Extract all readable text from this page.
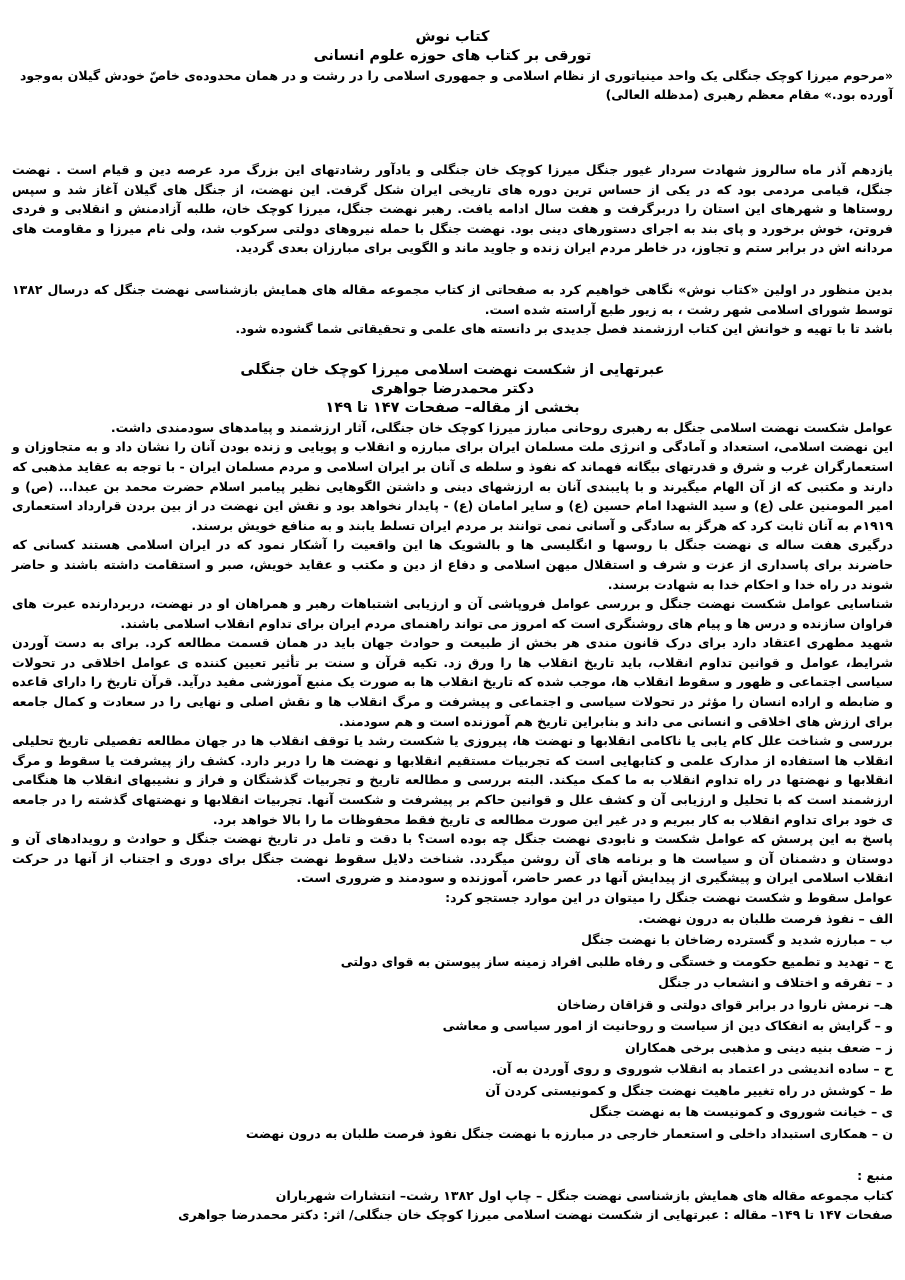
کتاب نوش

تورقی بر کتاب های حوزه علوم انسانی

«مرحوم میرزا کوچک جنگلی یک واحد مینیاتوری از نظام اسلامی و جمهوری اسلامی را در رشت و در همان محدوده‌ی خاصّ خودش گیلان به‌وجود آورده بود.» مقام معظم رهبری (مدظله العالی)

یازدهم آذر ماه سالروز شهادت سردار غیور جنگل میرزا کوچک خان جنگلی و یادآور رشادتهای این بزرگ مرد عرصه دین و قیام است . نهضت جنگل، قیامی مردمی بود که در یکی از حساس ترین دوره های تاریخی ایران شکل گرفت. این نهضت، از جنگل های گیلان آغاز شد و سپس روستاها و شهرهای این استان را دربرگرفت و هفت سال ادامه یافت. رهبر نهضت جنگل، میرزا کوچک خان، طلبه آزادمنش و انقلابی و فردی فروتن، خوش برخورد و پای بند به اجرای دستورهای دینی بود. نهضت جنگل با حمله نیروهای دولتی سرکوب شد، ولی نام میرزا و مقاومت های مردانه اش در برابر ستم و تجاوز، در خاطر مردم ایران زنده و جاوید ماند و الگویی برای مبارزان بعدی گردید.

بدین منظور در اولین «کتاب نوش» نگاهی خواهیم کرد به صفحاتی از کتاب مجموعه مقاله های همایش بازشناسی نهضت جنگل که درسال ۱۳۸۲ توسط شورای اسلامی شهر رشت ، به زیور طبع آراسته شده است.

باشد تا با تهیه و خوانش این کتاب ارزشمند فصل جدیدی بر دانسته های علمی و تحقیقاتی شما گشوده شود.

عبرتهایی از شکست نهضت اسلامی میرزا کوچک خان جنگلی

دکتر محمدرضا جواهری

بخشی از مقاله– صفحات ۱۴۷ تا ۱۴۹

عوامل شکست نهضت اسلامی جنگل به رهبری روحانی مبارز میرزا کوچک خان جنگلی، آثار ارزشمند و پیامدهای سودمندی داشت.

این نهضت اسلامی، استعداد و آمادگی و انرژی ملت مسلمان ایران برای مبارزه و انقلاب و پویایی و زنده بودن آنان را نشان داد و به متجاوزان و استعمارگران غرب و شرق و قدرتهای بیگانه فهماند که نفوذ و سلطه ی آنان بر ایران اسلامی و مردم مسلمان ایران - با توجه به عقاید مذهبی که دارند و مکتبی که از آن الهام میگیرند و با پایبندی آنان به ارزشهای دینی و داشتن الگوهایی نظیر پیامبر اسلام حضرت محمد بن عبدا... (ص) و امیر المومنین علی (ع) و سید الشهدا امام حسین (ع) و سایر امامان (ع) - پایدار نخواهد بود و نقش این نهضت در از بین بردن قرارداد استعماری ۱۹۱۹م به آنان ثابت کرد که هرگز به سادگی و آسانی نمی توانند بر مردم ایران تسلط یابند و به منافع خویش برسند.

درگیری هفت ساله ی نهضت جنگل با روسها و انگلیسی ها و بالشویک ها این واقعیت را آشکار نمود که در ایران اسلامی هستند کسانی که حاضرند برای پاسداری از عزت و شرف و استقلال میهن اسلامی و دفاع از دین و مکتب و عقاید خویش، صبر و استقامت داشته باشند و حاضر شوند در راه خدا و احکام خدا به شهادت برسند.

شناسایی عوامل شکست نهضت جنگل و بررسی عوامل فروپاشی آن و ارزیابی اشتباهات رهبر و همراهان او در نهضت، دربردارنده عبرت های فراوان سازنده و درس ها و پیام های روشنگری است که امروز می تواند راهنمای مردم ایران برای تداوم انقلاب اسلامی باشند.

شهید مطهری اعتقاد دارد برای درک قانون مندی هر بخش از طبیعت و حوادث جهان باید در همان قسمت مطالعه کرد. برای به دست آوردن شرایط، عوامل و قوانین تداوم انقلاب، باید تاریخ انقلاب ها را ورق زد. تکیه قرآن و سنت بر تأثیر تعیین کننده ی عوامل اخلاقی در تحولات سیاسی اجتماعی و ظهور و سقوط انقلاب ها، موجب شده که تاریخ انقلاب ها به صورت یک منبع آموزشی مفید درآید. قرآن تاریخ را دارای قاعده و ضابطه و اراده انسان را مؤثر در تحولات سیاسی و اجتماعی و پیشرفت و مرگ انقلاب ها و نقش اصلی و نهایی را در سعادت و کمال جامعه برای ارزش های اخلاقی و انسانی می داند و بنابراین تاریخ هم آموزنده است و هم سودمند.

بررسی و شناخت علل کام یابی یا ناکامی انقلابها و نهضت ها، پیروزی یا شکست رشد یا توقف انقلاب ها در جهان مطالعه تفصیلی تاریخ تحلیلی انقلاب ها استفاده از مدارک علمی و کتابهایی است که تجربیات مستقیم انقلابها و نهضت ها را دربر دارد. کشف راز پیشرفت یا سقوط و مرگ انقلابها و نهضتها در راه تداوم انقلاب به ما کمک میکند. البته بررسی و مطالعه تاریخ و تجربیات گذشتگان و فراز و نشیبهای انقلاب ها هنگامی ارزشمند است که با تحلیل و ارزیابی آن و کشف علل و قوانین حاکم بر پیشرفت و شکست آنها. تجربیات انقلابها و نهضتهای گذشته را در جامعه ی خود برای تداوم انقلاب به کار ببریم و در غیر این صورت مطالعه ی تاریخ فقط محفوظات ما را بالا خواهد برد.

پاسخ به این پرسش که عوامل شکست و نابودی نهضت جنگل چه بوده است؟ با دقت و تامل در تاریخ نهضت جنگل و حوادث و رویدادهای آن و دوستان و دشمنان آن و سیاست ها و برنامه های آن روشن میگردد. شناخت دلایل سقوط نهضت جنگل برای دوری و اجتناب از آنها در حرکت انقلاب اسلامی ایران و پیشگیری از پیدایش آنها در عصر حاضر، آموزنده و سودمند و ضروری است.

عوامل سقوط و شکست نهضت جنگل را میتوان در این موارد جستجو کرد:

الف – نفوذ فرصت طلبان به درون نهضت.
ب – مبارزه شدید و گسترده رضاخان با نهضت جنگل
ج – تهدید و تطمیع حکومت و خستگی و رفاه طلبی افراد زمینه ساز پیوستن به قوای دولتی
د – تفرقه و اختلاف و انشعاب در جنگل
هـ– نرمش ناروا در برابر قوای دولتی و قزاقان رضاخان
و – گرایش به انفکاک دین از سیاست و روحانیت از امور سیاسی و معاشی
ز – ضعف بنیه دینی و مذهبی برخی همکاران
ح – ساده اندیشی در اعتماد به انقلاب شوروی و روی آوردن به آن.
ط – کوشش در راه تغییر ماهیت نهضت جنگل و کمونیستی کردن آن
ی – خیانت شوروی و کمونیست ها به نهضت جنگل
ن – همکاری استبداد داخلی و استعمار خارجی در مبارزه با نهضت جنگل نفوذ فرصت طلبان به درون نهضت

منبع :

کتاب مجموعه مقاله های همایش بازشناسی نهضت جنگل – چاپ اول ۱۳۸۲ رشت– انتشارات شهرباران

صفحات ۱۴۷ تا ۱۴۹– مقاله : عبرتهایی از شکست نهضت اسلامی میرزا کوچک خان جنگلی/ اثر: دکتر محمدرضا جواهری
